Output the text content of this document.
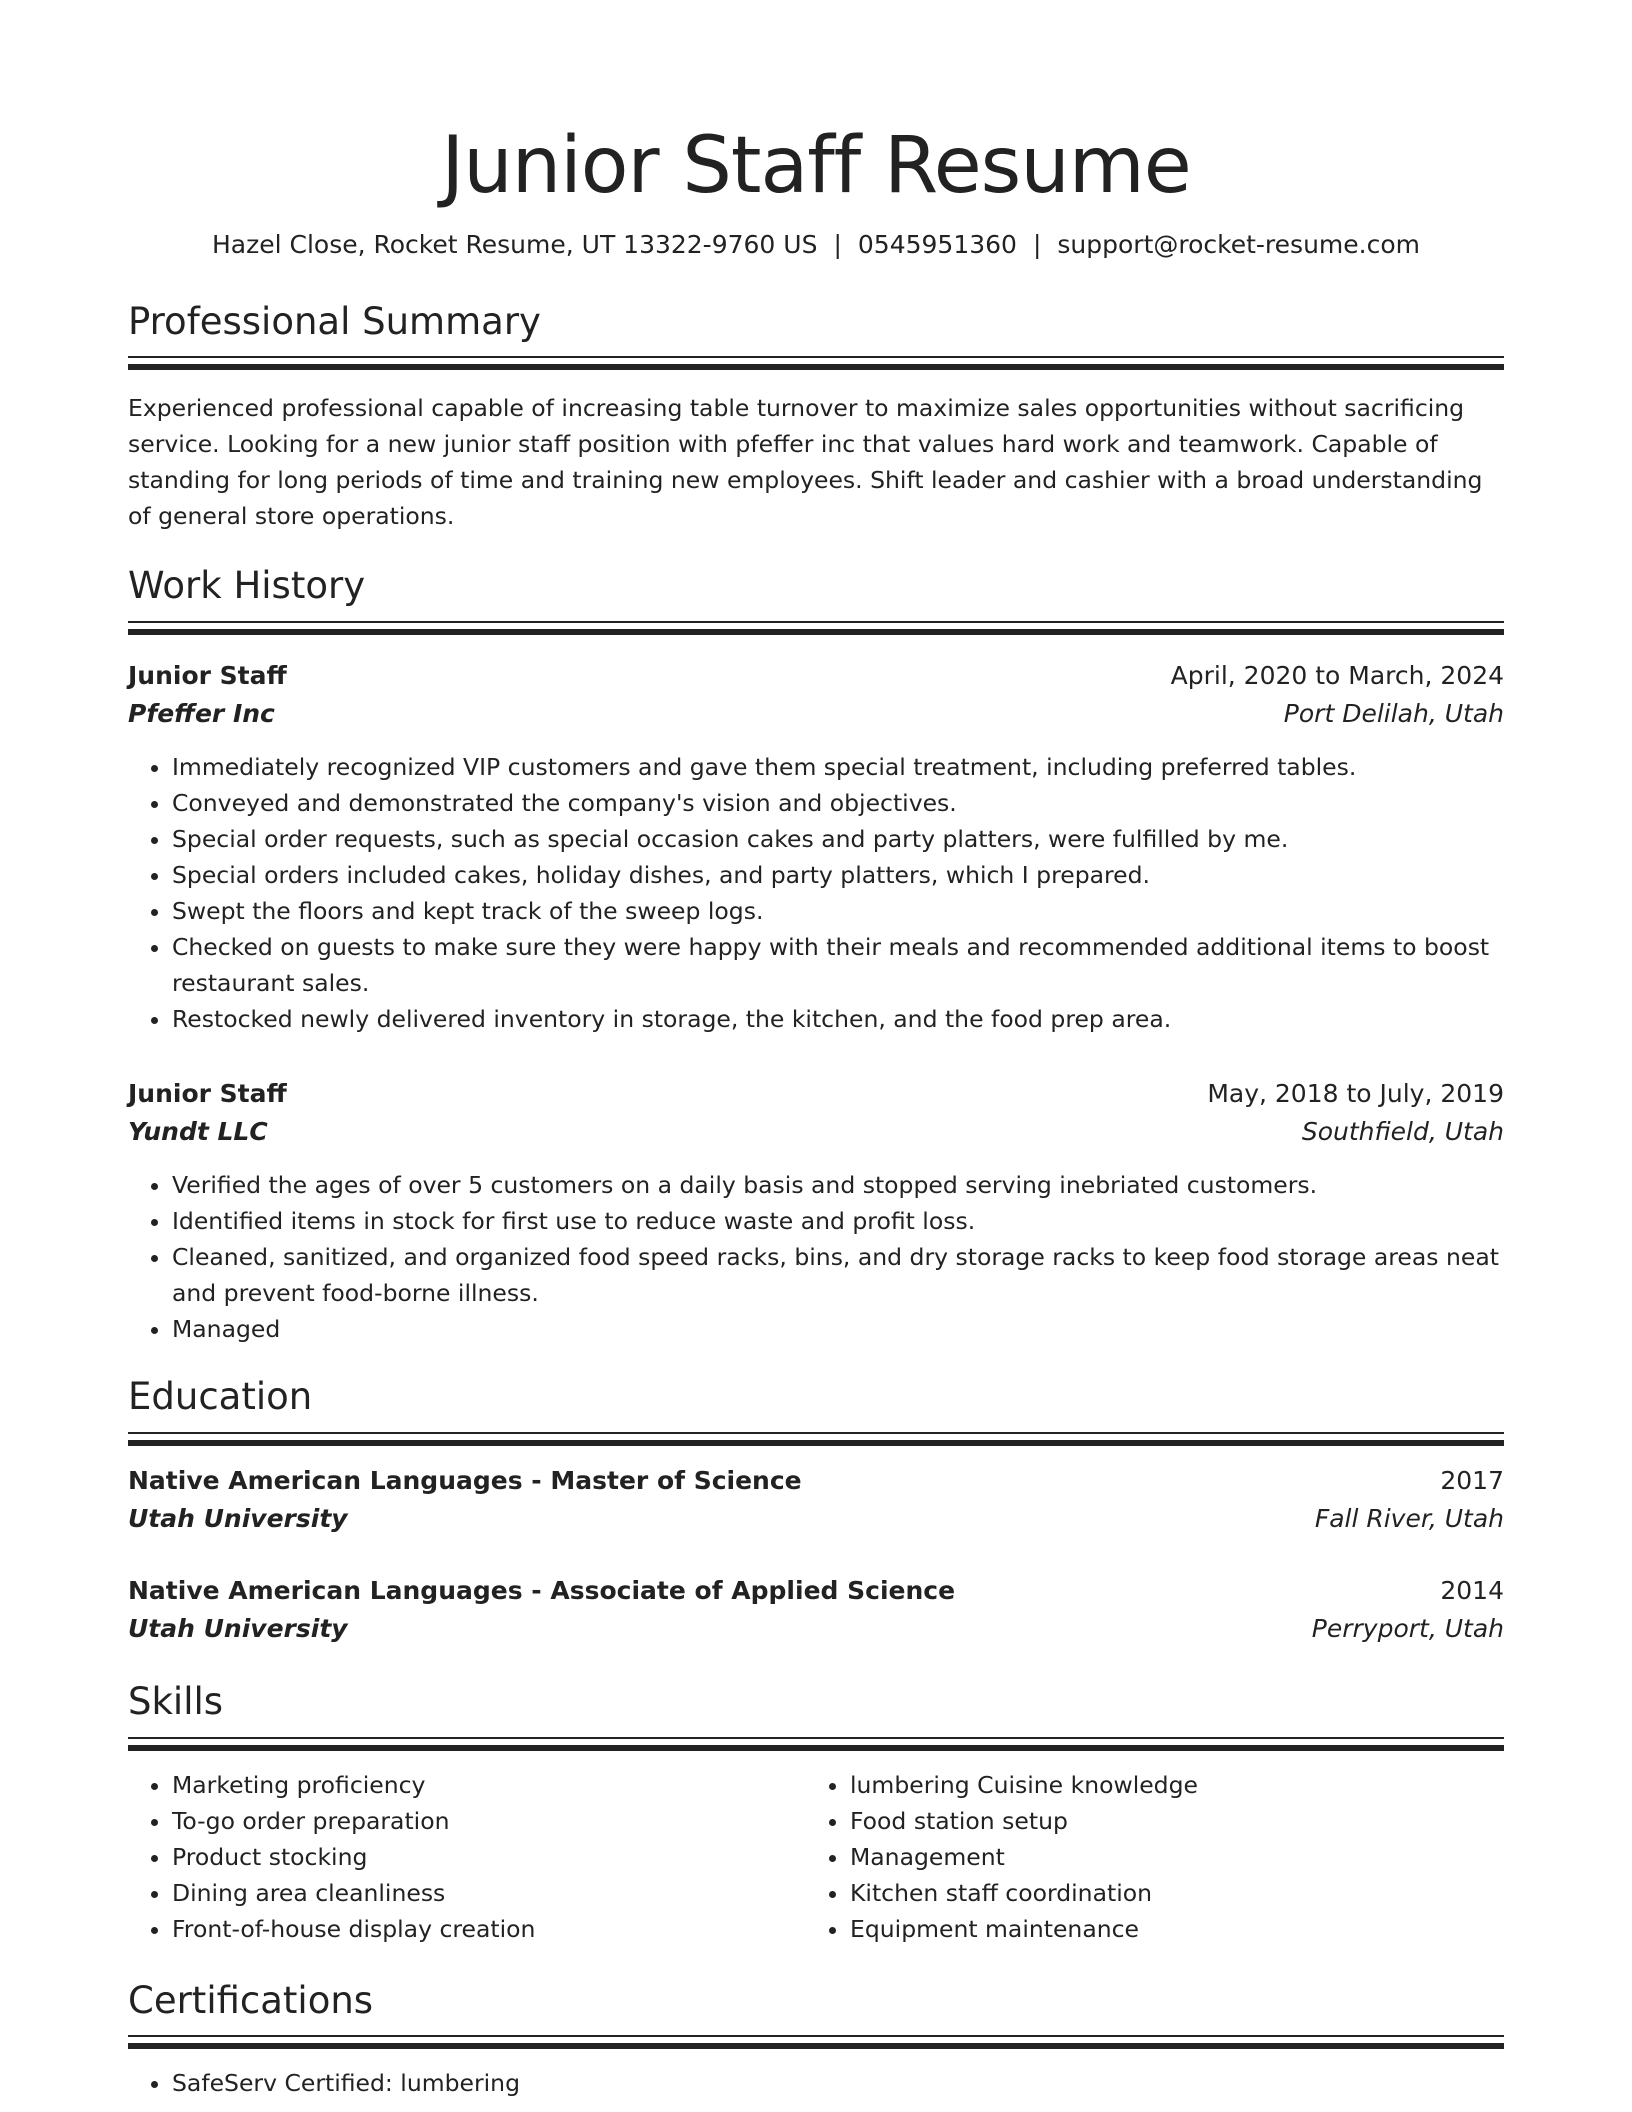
Junior Staff Resume
Hazel Close, Rocket Resume, UT 13322-9760 US | 0545951360 | support@rocket-resume.com
Professional Summary
Experienced professional capable of increasing table turnover to maximize sales opportunities without sacrificing service. Looking for a new junior staff position with pfeffer inc that values hard work and teamwork. Capable of standing for long periods of time and training new employees. Shift leader and cashier with a broad understanding of general store operations.
Work History
Junior Staff	April, 2020 to March, 2024
Pfeffer Inc	Port Delilah, Utah
• Immediately recognized VIP customers and gave them special treatment, including preferred tables.
• Conveyed and demonstrated the company's vision and objectives.
• Special order requests, such as special occasion cakes and party platters, were fulfilled by me.
• Special orders included cakes, holiday dishes, and party platters, which I prepared.
• Swept the floors and kept track of the sweep logs.
• Checked on guests to make sure they were happy with their meals and recommended additional items to boost restaurant sales.
• Restocked newly delivered inventory in storage, the kitchen, and the food prep area.
Junior Staff	May, 2018 to July, 2019
Yundt LLC	Southfield, Utah
• Verified the ages of over 5 customers on a daily basis and stopped serving inebriated customers.
• Identified items in stock for first use to reduce waste and profit loss.
• Cleaned, sanitized, and organized food speed racks, bins, and dry storage racks to keep food storage areas neat and prevent food-borne illness.
• Managed
Education
Native American Languages - Master of Science	2017
Utah University	Fall River, Utah
Native American Languages - Associate of Applied Science	2014
Utah University	Perryport, Utah
Skills
• Marketing proficiency
• To-go order preparation
• Product stocking
• Dining area cleanliness
• Front-of-house display creation
• lumbering Cuisine knowledge
• Food station setup
• Management
• Kitchen staff coordination
• Equipment maintenance
Certifications
• SafeServ Certified: lumbering
